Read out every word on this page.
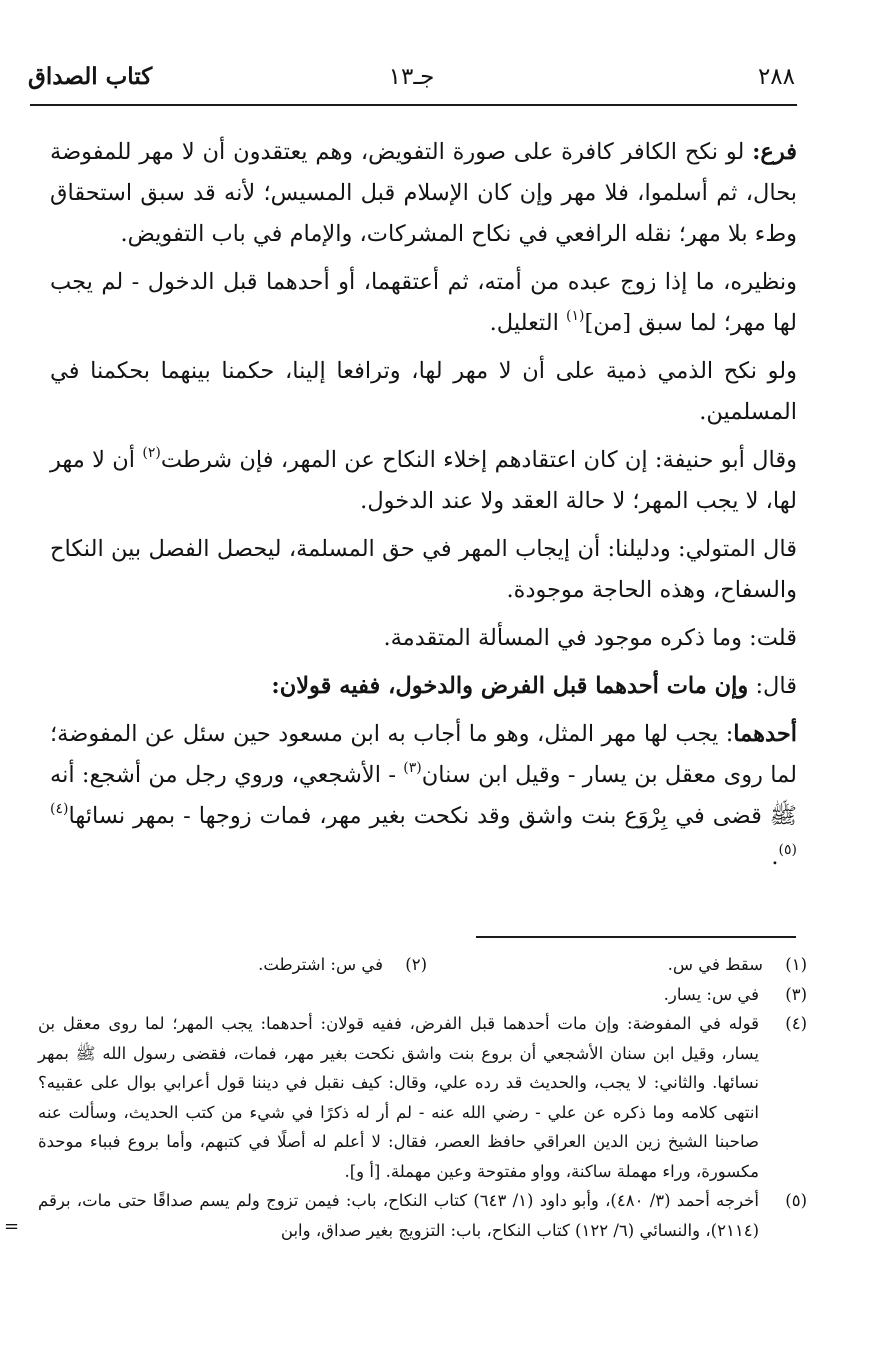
٢٨٨
جـ١٣
كتاب الصداق

فرع: لو نكح الكافر كافرة على صورة التفويض، وهم يعتقدون أن لا مهر للمفوضة بحال، ثم أسلموا، فلا مهر وإن كان الإسلام قبل المسيس؛ لأنه قد سبق استحقاق وطء بلا مهر؛ نقله الرافعي في نكاح المشركات، والإمام في باب التفويض.

ونظيره، ما إذا زوج عبده من أمته، ثم أعتقهما، أو أحدهما قبل الدخول - لم يجب لها مهر؛ لما سبق [من]$^{(١)}$ التعليل.

ولو نكح الذمي ذمية على أن لا مهر لها، وترافعا إلينا، حكمنا بينهما بحكمنا في المسلمين.

وقال أبو حنيفة: إن كان اعتقادهم إخلاء النكاح عن المهر، فإن شرطت$^{(٢)}$ أن لا مهر لها، لا يجب المهر؛ لا حالة العقد ولا عند الدخول.

قال المتولي: ودليلنا: أن إيجاب المهر في حق المسلمة، ليحصل الفصل بين النكاح والسفاح، وهذه الحاجة موجودة.

قلت: وما ذكره موجود في المسألة المتقدمة.

قال: وإن مات أحدهما قبل الفرض والدخول، ففيه قولان:

أحدهما: يجب لها مهر المثل، وهو ما أجاب به ابن مسعود حين سئل عن المفوضة؛ لما روى معقل بن يسار - وقيل ابن سنان$^{(٣)}$ - الأشجعي، وروي رجل من أشجع: أنه ﷺ قضى في بِرْوَع بنت واشق وقد نكحت بغير مهر، فمات زوجها - بمهر نسائها$^{(٤)(٥)}$.

(١)سقط في س.
(٢)في س: اشترطت.
(٣)
في س: يسار.
(٤)
قوله في المفوضة: وإن مات أحدهما قبل الفرض، ففيه قولان: أحدهما: يجب المهر؛ لما روى معقل بن يسار، وقيل ابن سنان الأشجعي أن بروع بنت واشق نكحت بغير مهر، فمات، فقضى رسول الله ﷺ بمهر نسائها. والثاني: لا يجب، والحديث قد رده علي، وقال: كيف نقبل في ديننا قول أعرابي بوال على عقبيه؟ انتهى كلامه وما ذكره عن علي - رضي الله عنه - لم أر له ذكرًا في شيء من كتب الحديث، وسألت عنه صاحبنا الشيخ زين الدين العراقي حافظ العصر، فقال: لا أعلم له أصلًا في كتبهم، وأما بروع فبباء موحدة مكسورة، وراء مهملة ساكنة، وواو مفتوحة وعين مهملة. [أ و].
(٥)
أخرجه أحمد (٣/ ٤٨٠)، وأبو داود (١/ ٦٤٣) كتاب النكاح، باب: فيمن تزوج ولم يسم صداقًا حتى مات، برقم (٢١١٤)، والنسائي (٦/ ١٢٢) كتاب النكاح، باب: التزويج بغير صداق، وابن
=
